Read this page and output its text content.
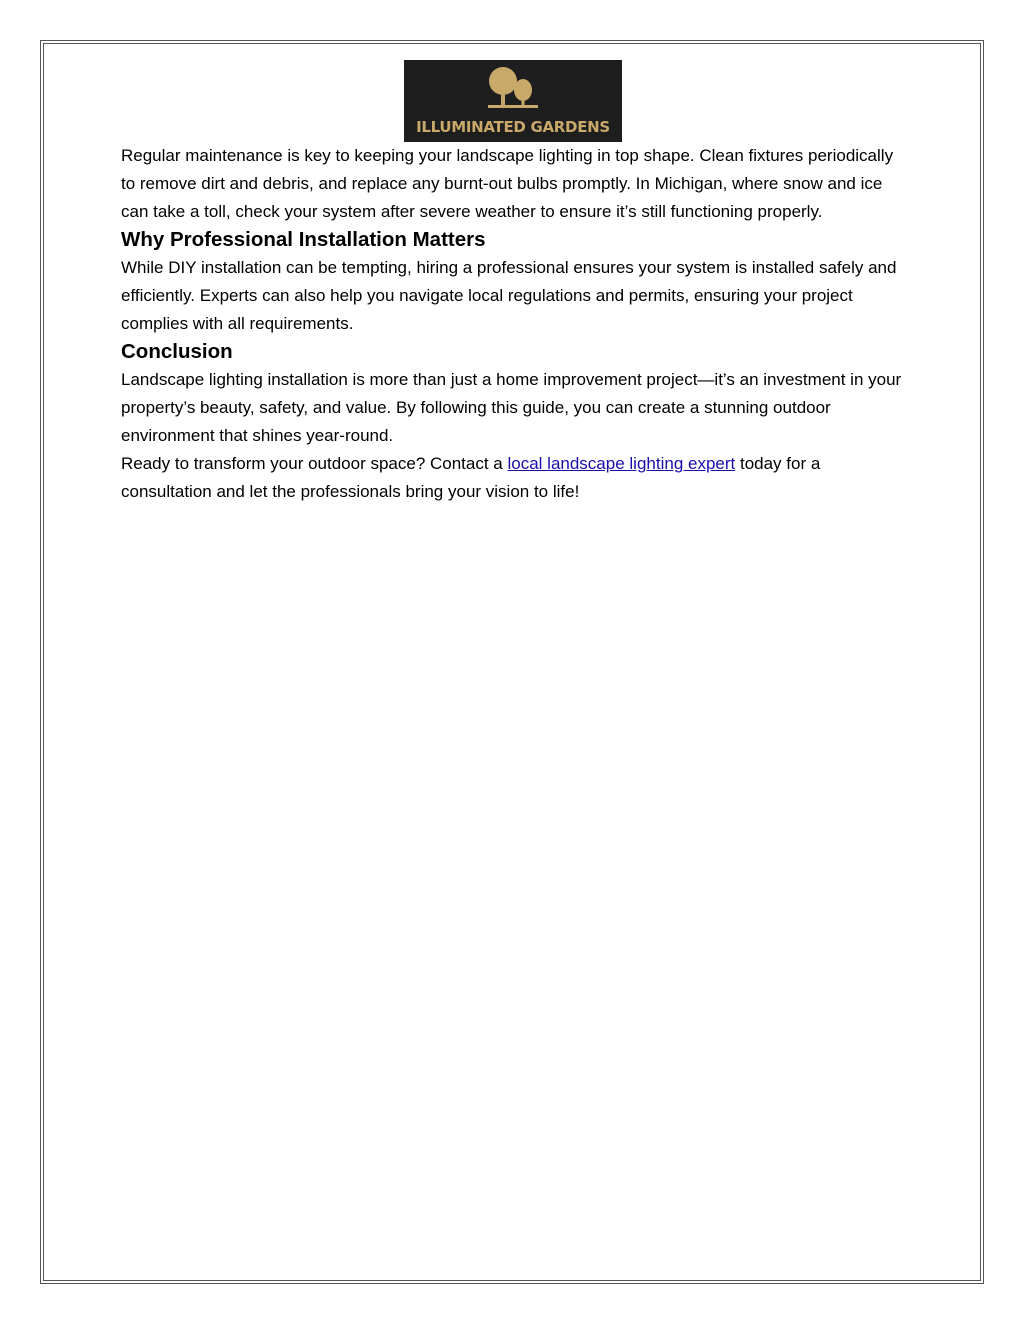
ILLUMINATED GARDENS

Regular maintenance is key to keeping your landscape lighting in top shape. Clean fixtures periodically to remove dirt and debris, and replace any burnt-out bulbs promptly. In Michigan, where snow and ice can take a toll, check your system after severe weather to ensure it’s still functioning properly.

Why Professional Installation Matters

While DIY installation can be tempting, hiring a professional ensures your system is installed safely and efficiently. Experts can also help you navigate local regulations and permits, ensuring your project complies with all requirements.

Conclusion

Landscape lighting installation is more than just a home improvement project—it’s an investment in your property’s beauty, safety, and value. By following this guide, you can create a stunning outdoor environment that shines year-round.

Ready to transform your outdoor space? Contact a local landscape lighting expert today for a consultation and let the professionals bring your vision to life!
